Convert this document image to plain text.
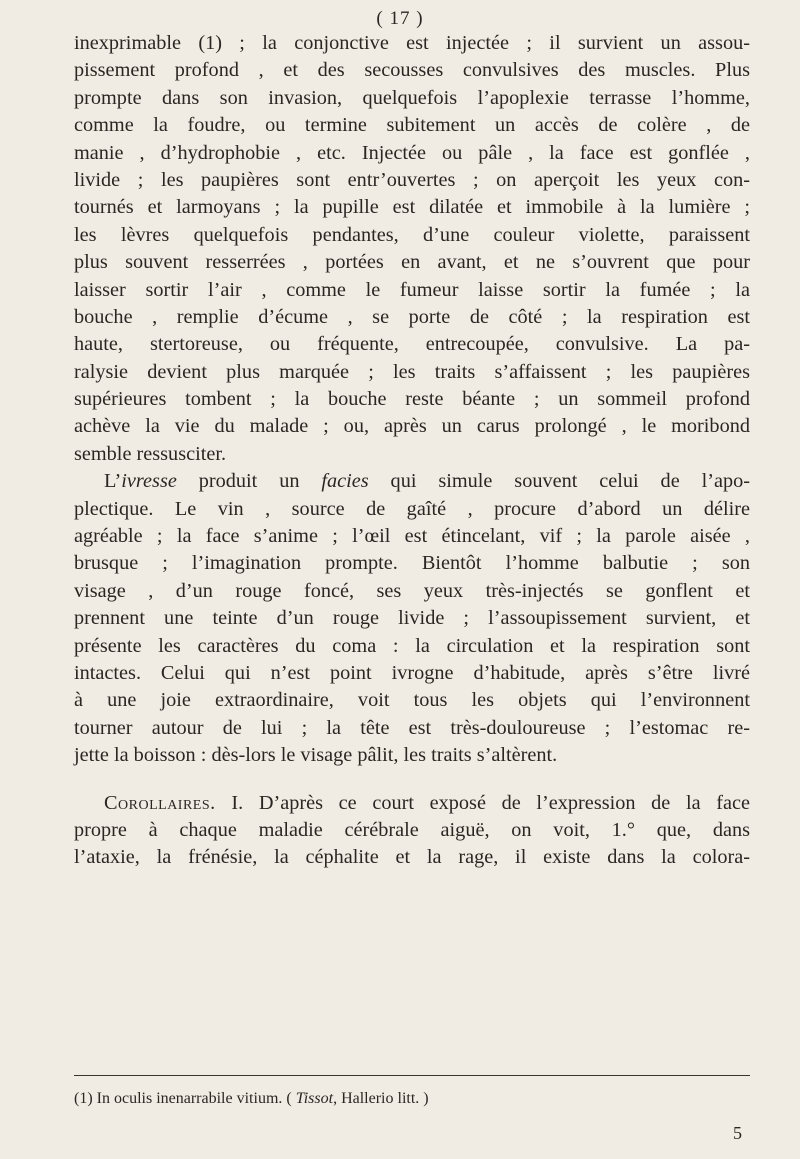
( 17 )
inexprimable (1) ; la conjonctive est injectée ; il survient un assou-
pissement profond , et des secousses convulsives des muscles. Plus
prompte dans son invasion, quelquefois l’apoplexie terrasse l’homme,
comme la foudre, ou termine subitement un accès de colère , de
manie , d’hydrophobie , etc. Injectée ou pâle , la face est gonflée ,
livide ; les paupières sont entr’ouvertes ; on aperçoit les yeux con-
tournés et larmoyans ; la pupille est dilatée et immobile à la lumière ;
les lèvres quelquefois pendantes, d’une couleur violette, paraissent
plus souvent resserrées , portées en avant, et ne s’ouvrent que pour
laisser sortir l’air , comme le fumeur laisse sortir la fumée ; la
bouche , remplie d’écume , se porte de côté ; la respiration est
haute, stertoreuse, ou fréquente, entrecoupée, convulsive. La pa-
ralysie devient plus marquée ; les traits s’affaissent ; les paupières
supérieures tombent ; la bouche reste béante ; un sommeil profond
achève la vie du malade ; ou, après un carus prolongé , le moribond
semble ressusciter.
L’ivresse produit un facies qui simule souvent celui de l’apo-
plectique. Le vin , source de gaîté , procure d’abord un délire
agréable ; la face s’anime ; l’œil est étincelant, vif ; la parole aisée ,
brusque ; l’imagination prompte. Bientôt l’homme balbutie ; son
visage , d’un rouge foncé, ses yeux très-injectés se gonflent et
prennent une teinte d’un rouge livide ; l’assoupissement survient, et
présente les caractères du coma : la circulation et la respiration sont
intactes. Celui qui n’est point ivrogne d’habitude, après s’être livré
à une joie extraordinaire, voit tous les objets qui l’environnent
tourner autour de lui ; la tête est très-douloureuse ; l’estomac re-
jette la boisson : dès-lors le visage pâlit, les traits s’altèrent.
Corollaires. I. D’après ce court exposé de l’expression de la face
propre à chaque maladie cérébrale aiguë, on voit, 1.° que, dans
l’ataxie, la frénésie, la céphalite et la rage, il existe dans la colora-
(1) In oculis inenarrabile vitium. ( Tissot, Hallerio litt. )
5
